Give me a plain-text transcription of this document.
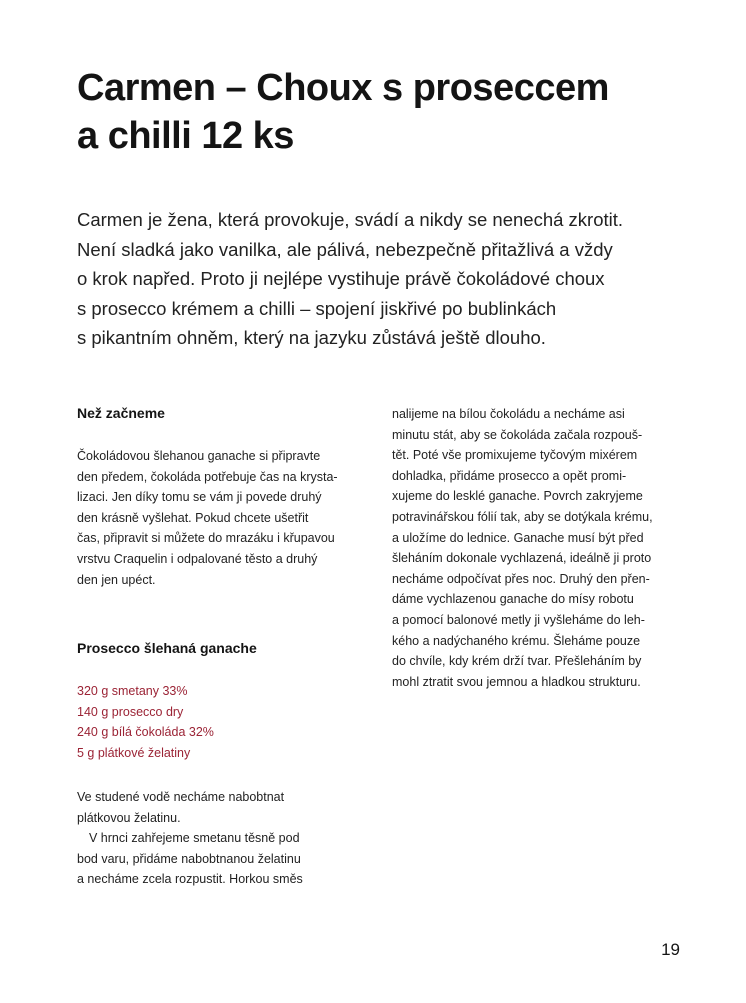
Carmen – Choux s proseccem
a chilli 12 ks

Carmen je žena, která provokuje, svádí a nikdy se nenechá zkrotit.
Není sladká jako vanilka, ale pálivá, nebezpečně přitažlivá a vždy
o krok napřed. Proto ji nejlépe vystihuje právě čokoládové choux
s prosecco krémem a chilli – spojení jiskřivé po bublinkách
s pikantním ohněm, který na jazyku zůstává ještě dlouho.

Než začneme
Čokoládovou šlehanou ganache si připravte
den předem, čokoláda potřebuje čas na krysta-
lizaci. Jen díky tomu se vám ji povede druhý
den krásně vyšlehat. Pokud chcete ušetřit
čas, připravit si můžete do mrazáku i křupavou
vrstvu Craquelin i odpalované těsto a druhý
den jen upéct.
Prosecco šlehaná ganache
320 g smetany 33%
140 g prosecco dry
240 g bílá čokoláda 32%
5 g plátkové želatiny
Ve studené vodě necháme nabobtnat
plátkovou želatinu.
V hrnci zahřejeme smetanu těsně pod
bod varu, přidáme nabobtnanou želatinu
a necháme zcela rozpustit. Horkou směs
nalijeme na bílou čokoládu a necháme asi
minutu stát, aby se čokoláda začala rozpouš-
tět. Poté vše promixujeme tyčovým mixérem
dohladka, přidáme prosecco a opět promi-
xujeme do lesklé ganache. Povrch zakryjeme
potravinářskou fólií tak, aby se dotýkala krému,
a uložíme do lednice. Ganache musí být před
šleháním dokonale vychlazená, ideálně ji proto
necháme odpočívat přes noc. Druhý den přen-
dáme vychlazenou ganache do mísy robotu
a pomocí balonové metly ji vyšleháme do leh-
kého a nadýchaného krému. Šleháme pouze
do chvíle, kdy krém drží tvar. Přešleháním by
mohl ztratit svou jemnou a hladkou strukturu.
19
